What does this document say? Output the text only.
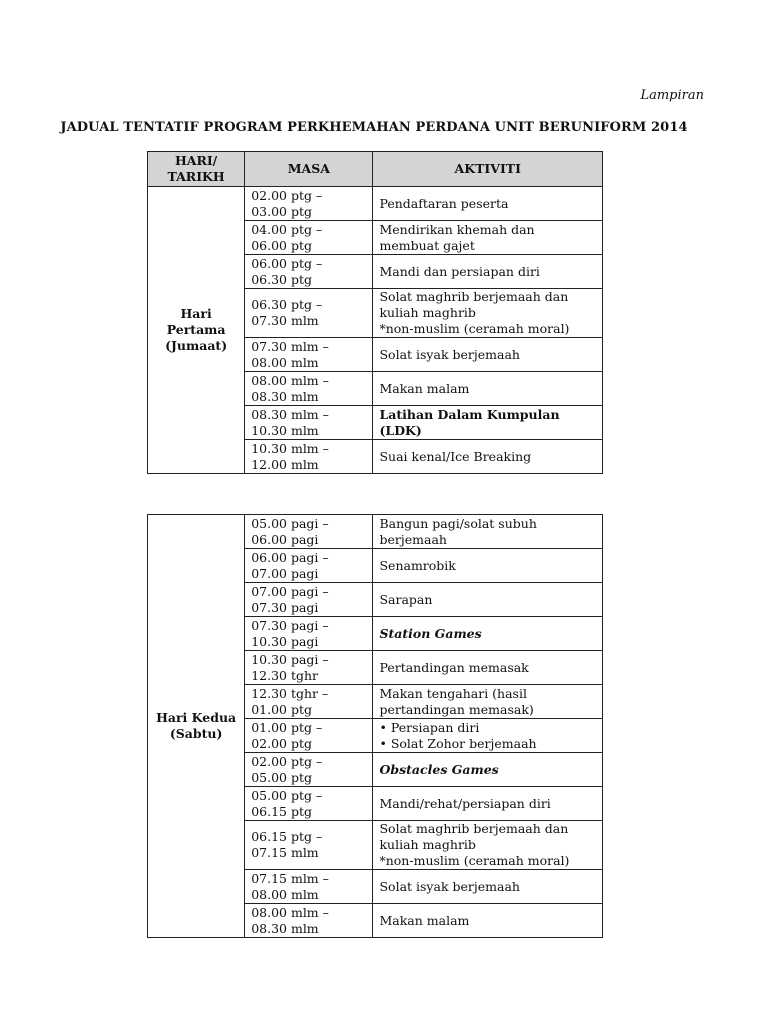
Lampiran
JADUAL TENTATIF PROGRAM PERKHEMAHAN PERDANA UNIT BERUNIFORM 2014
HARI/
TARIKH	MASA	AKTIVITI

Hari
Pertama
(Jumaat)	02.00 ptg –
03.00 ptg	Pendaftaran peserta

	04.00 ptg –
06.00 ptg	Mendirikan khemah dan
membuat gajet

	06.00 ptg –
06.30 ptg	Mandi dan persiapan diri

	06.30 ptg –
07.30 mlm	Solat maghrib berjemaah dan
kuliah maghrib
*non-muslim (ceramah moral)

	07.30 mlm –
08.00 mlm	Solat isyak berjemaah

	08.00 mlm –
08.30 mlm	Makan malam

	08.30 mlm –
10.30 mlm	Latihan Dalam Kumpulan
(LDK)

	10.30 mlm –
12.00 mlm	Suai kenal/Ice Breaking
Hari Kedua
(Sabtu)	05.00 pagi –
06.00 pagi	Bangun pagi/solat subuh
berjemaah

	06.00 pagi –
07.00 pagi	Senamrobik

	07.00 pagi –
07.30 pagi	Sarapan

	07.30 pagi –
10.30 pagi	Station Games

	10.30 pagi –
12.30 tghr	Pertandingan memasak

	12.30 tghr –
01.00 ptg	Makan tengahari (hasil
pertandingan memasak)

	01.00 ptg –
02.00 ptg	• Persiapan diri
• Solat Zohor berjemaah

	02.00 ptg –
05.00 ptg	Obstacles Games

	05.00 ptg –
06.15 ptg	Mandi/rehat/persiapan diri

	06.15 ptg –
07.15 mlm	Solat maghrib berjemaah dan
kuliah maghrib
*non-muslim (ceramah moral)

	07.15 mlm –
08.00 mlm	Solat isyak berjemaah

	08.00 mlm –
08.30 mlm	Makan malam
